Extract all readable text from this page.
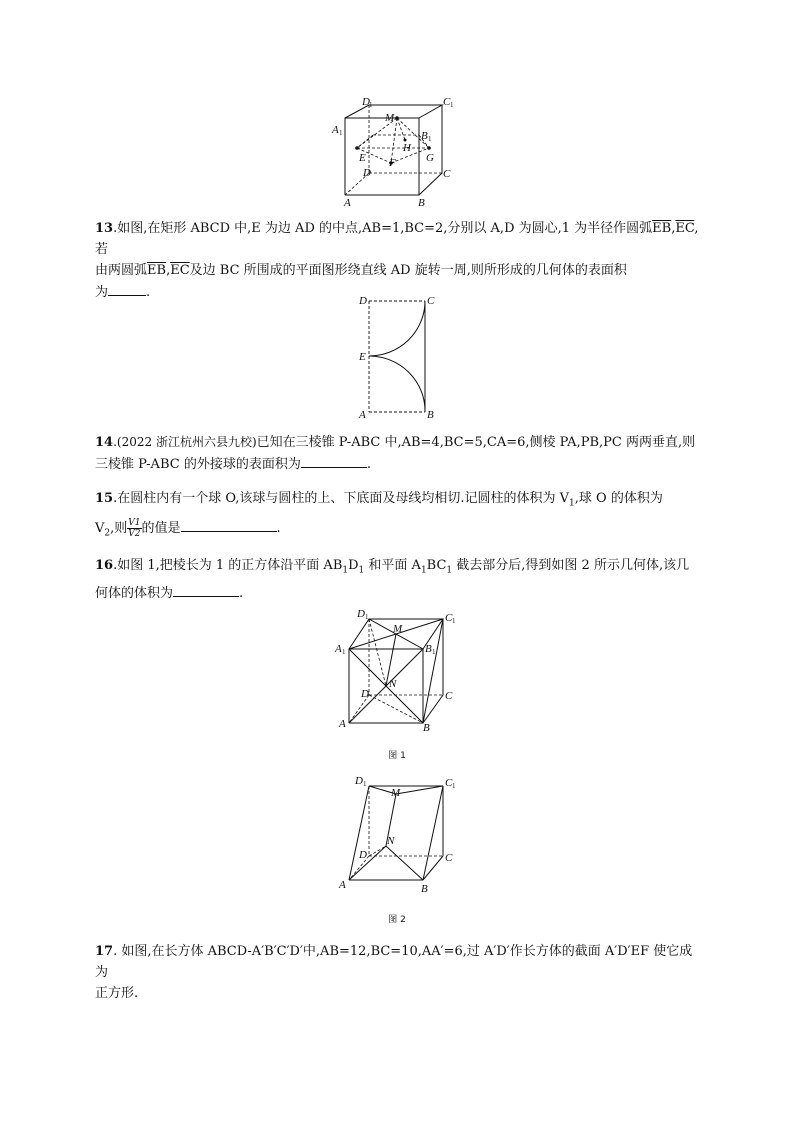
D 1	C 1
A 1
M
B 1
H
E	G
F
D	C
A	B
13.如图,在矩形 ABCD 中,E 为边 AD 的中点,AB=1,BC=2,分别以 A,D 为圆心,1 为半径作圆弧$\overline{EB},\overline{EC}$,若
由两圆弧$\overline{EB},\overline{EC}$及边 BC 所围成的平面图形绕直线 AD 旋转一周,则所形成的几何体的表面积
为	.
D	C
E
A	B
14.(2022 浙江杭州六县九校)已知在三棱锥 P-ABC 中,AB=4,BC=5,CA=6,侧棱 PA,PB,PC 两两垂直,则
三棱锥 P-ABC 的外接球的表面积为	.
15.在圆柱内有一个球 O,该球与圆柱的上、下底面及母线均相切.记圆柱的体积为 $V_1$,球 O 的体积为
$V_2$,则 $\frac{V1}{V2}$ 的值是	.
16.如图 1,把棱长为 1 的正方体沿平面 $AB_1D_1$ 和平面 $A_1BC_1$ 截去部分后,得到如图 2 所示几何体,该几
何体的体积为	.
D 1
M
C 1
A 1	B 1
D
N
C
A	B
图 1
D 1
M
C 1
N
D	C
A	B
图 2
17. 如图,在长方体 ABCD-A′B′C′D′中,AB=12,BC=10,AA′=6,过 A′D′作长方体的截面 A′D′EF 使它成为
正方形.
